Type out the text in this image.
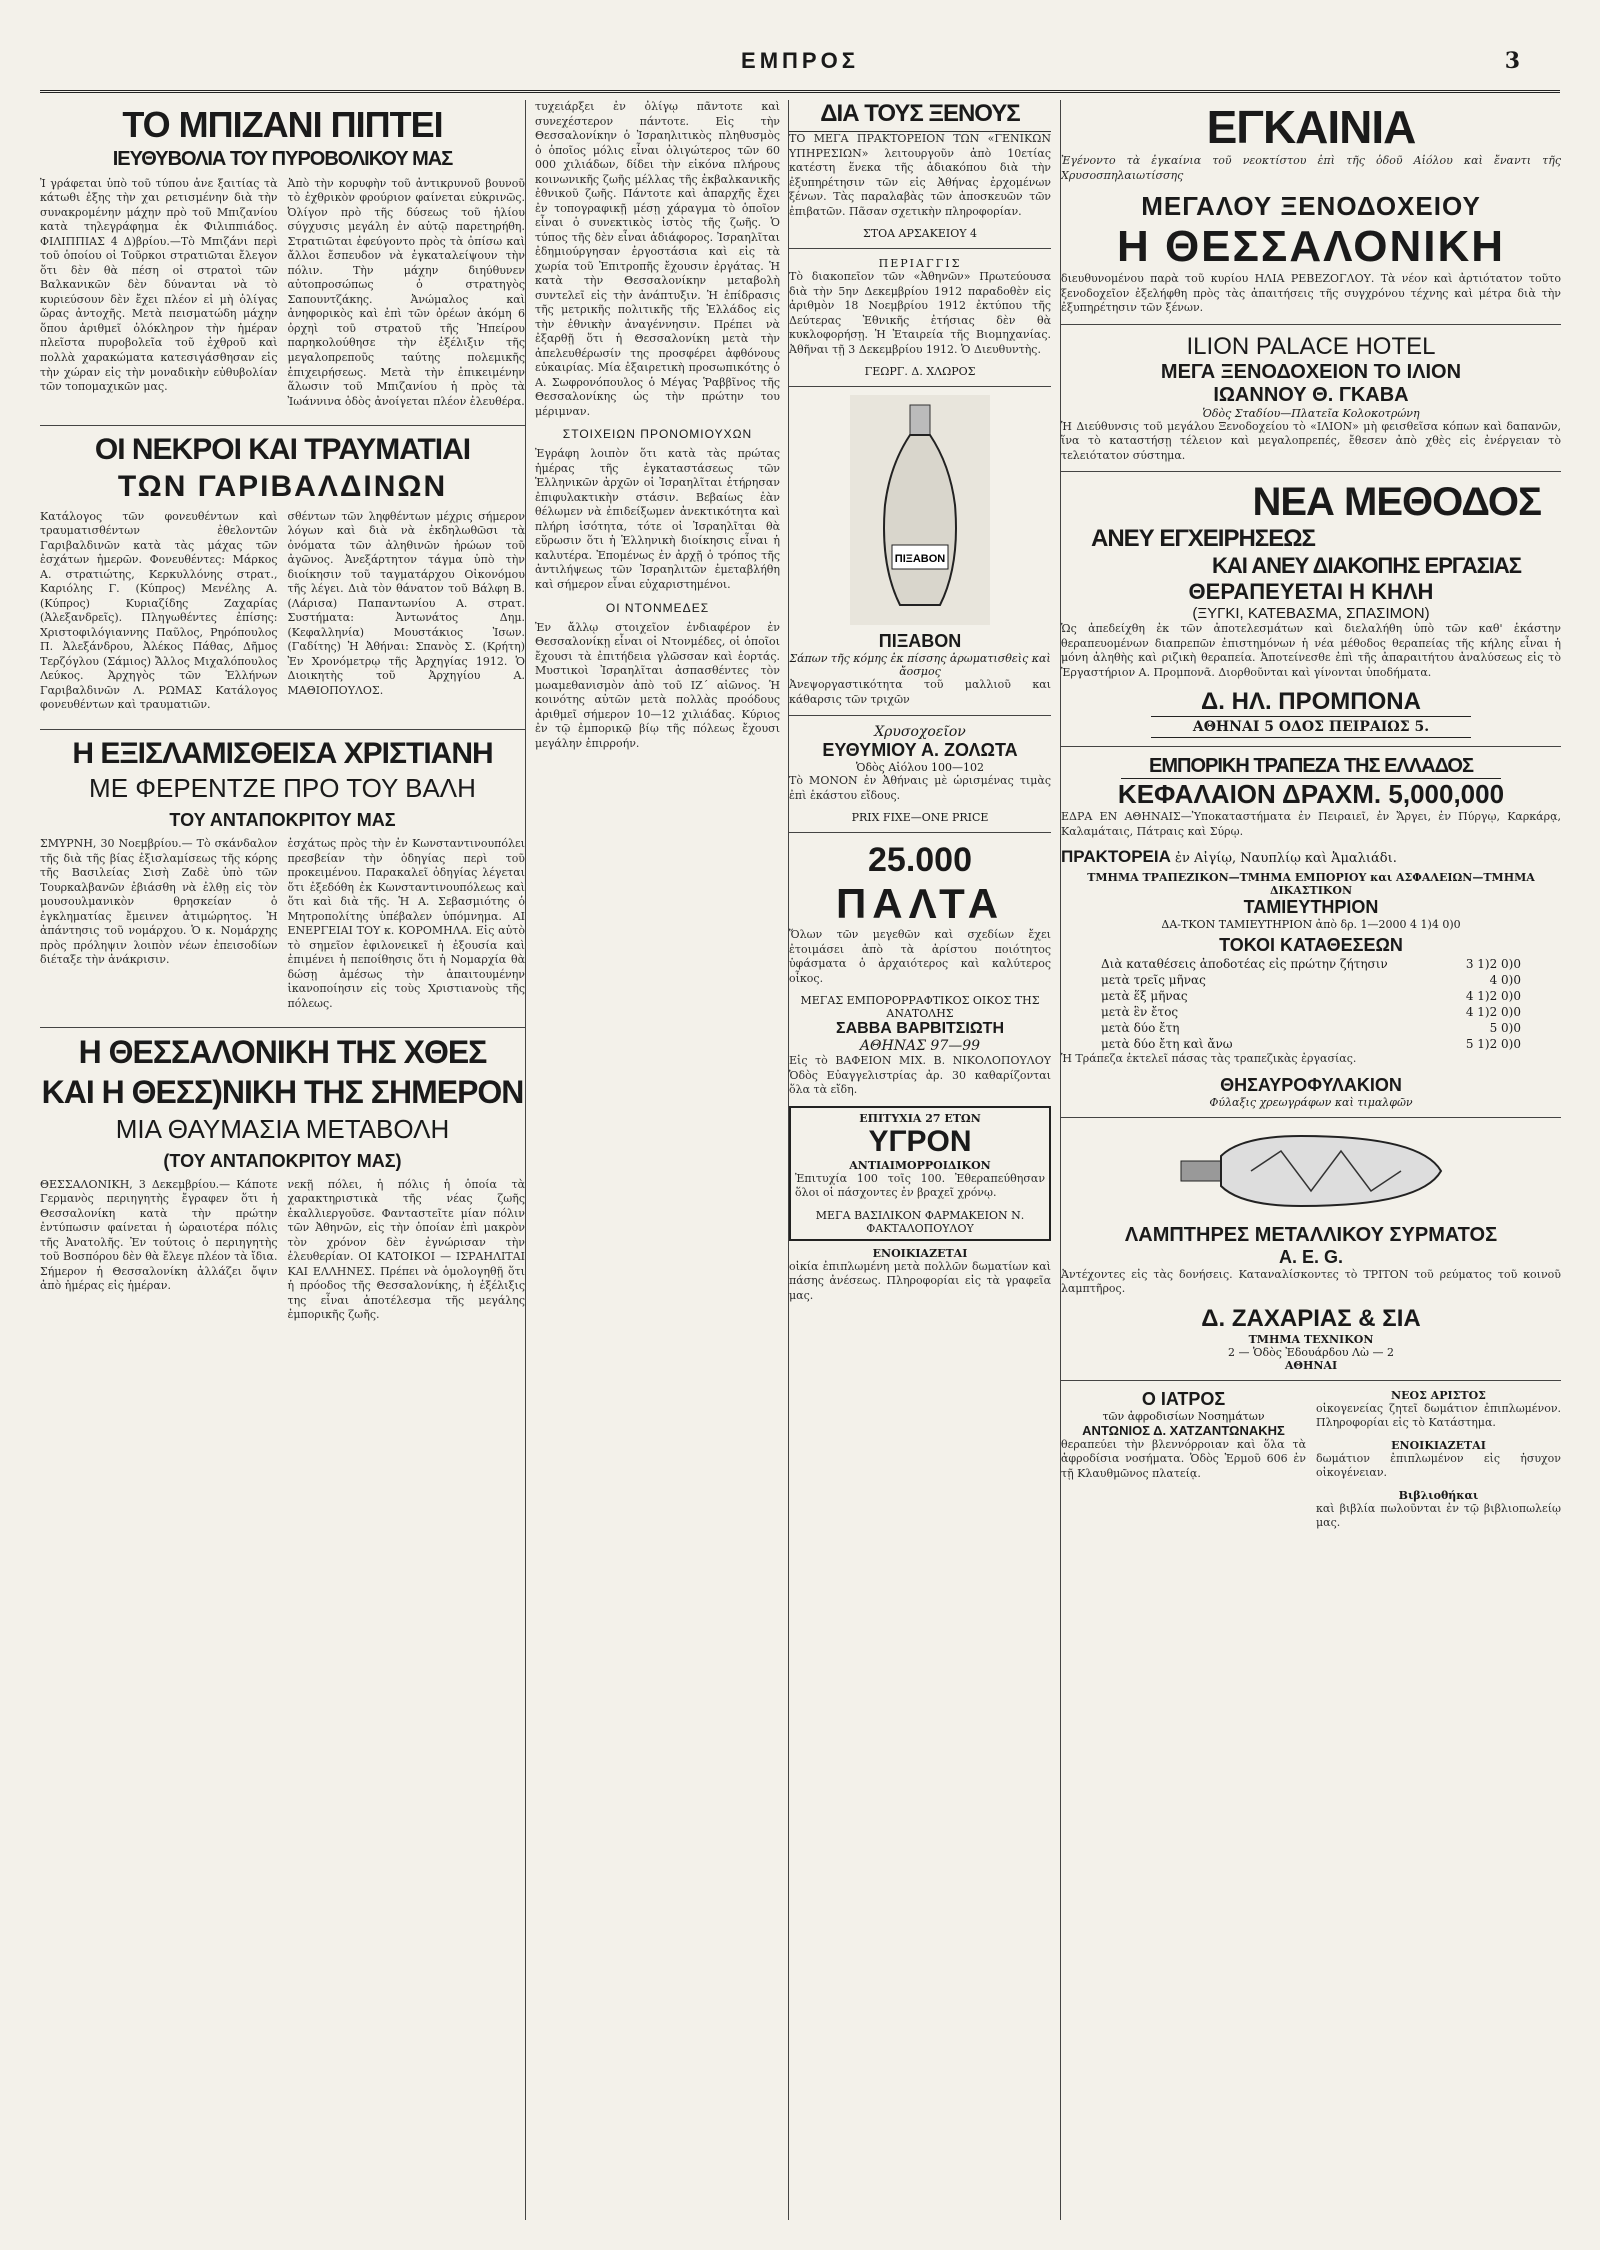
ΕΜΠΡΟΣ	3
ΤΟ ΜΠΙΖΑΝΙ ΠΙΠΤΕΙ
ΙΕΥΘΥΒΟΛΙΑ ΤΟΥ ΠΥΡΟΒΟΛΙΚΟΥ ΜΑΣ

Ἰ γράφεται ὑπὸ τοῦ τύπου ἀνε ξαιτίας τὰ κάτωθι ἐξης τὴν χαι ρετισμένην διὰ τὴν συνακρομένην μάχην πρὸ τοῦ Μπιζανίου κατὰ τηλεγράφημα ἐκ Φιλιππιάδος. ΦΙΛΙΠΠΙΑΣ 4 Δ)βρίου.—Τὸ Μπιζάνι περὶ τοῦ ὁποίου οἱ Τοῦρκοι στρατιῶται ἔλεγον ὅτι δὲν θὰ πέση οἱ στρατοὶ τῶν Βαλκανικῶν δὲν δύνανται νὰ τὸ κυριεύσουν δὲν ἔχει πλέον εἰ μὴ ὀλίγας ὥρας ἀντοχῆς. Μετὰ πεισματώδη μάχην ὅπου ἀριθμεῖ ὁλόκληρον τὴν ἡμέραν πλεῖστα πυροβολεῖα τοῦ ἐχθροῦ καὶ πολλὰ χαρακώματα κατεσιγάσθησαν εἰς τὴν χώραν εἰς τὴν μοναδικὴν εὐθυβολίαν τῶν τοπομαχικῶν μας.

Ἀπὸ τὴν κορυφὴν τοῦ ἀντικρυνοῦ βουνοῦ τὸ ἐχθρικὸν φρούριον φαίνεται εὐκρινῶς. Ὀλίγον πρὸ τῆς δύσεως τοῦ ἡλίου σύγχυσις μεγάλη ἐν αὐτῷ παρετηρήθη. Στρατιῶται ἐφεύγοντο πρὸς τὰ ὀπίσω καὶ ἄλλοι ἔσπευδον νὰ ἐγκαταλείψουν τὴν πόλιν. Τὴν μάχην διηύθυνεν αὐτοπροσώπως ὁ στρατηγὸς Σαπουντζάκης. Ἀνώμαλος καὶ ἀνηφορικὸς καὶ ἐπὶ τῶν ὀρέων ἀκόμη 6 ὀρχηὶ τοῦ στρατοῦ τῆς Ἠπείρου παρηκολούθησε τὴν ἐξέλιξιν τῆς μεγαλοπρεποῦς ταύτης πολεμικῆς ἐπιχειρήσεως. Μετὰ τὴν ἐπικειμένην ἅλωσιν τοῦ Μπιζανίου ἡ πρὸς τὰ Ἰωάννινα ὁδὸς ἀνοίγεται πλέον ἐλευθέρα.

ΟΙ ΝΕΚΡΟΙ ΚΑΙ ΤΡΑΥΜΑΤΙΑΙ
ΤΩΝ ΓΑΡΙΒΑΛΔΙΝΩΝ

Κατάλογος τῶν φονευθέντων καὶ τραυματισθέντων ἐθελοντῶν Γαριβαλδινῶν κατὰ τὰς μάχας τῶν ἐσχάτων ἡμερῶν. Φονευθέντες: Μάρκος Α. στρατιώτης, Κερκυλλόνης στρατ., Καριόλης Γ. (Κύπρος) Μενέλης Α. (Κύπρος) Κυριαζίδης Ζαχαρίας (Ἀλεξανδρεῖς). Πληγωθέντες ἐπίσης: Χριστοφιλόγιαννης Παῦλος, Ρηρόπουλος Π. Ἀλεξάνδρου, Ἀλέκος Πάθας, Δῆμος Τερζόγλου (Σάμιος) Ἄλλος Μιχαλόπουλος Λεύκος. Ἀρχηγὸς τῶν Ἑλλήνων Γαριβαλδινῶν Λ. ΡΩΜΑΣ Κατάλογος φονευθέντων καὶ τραυματιῶν.

σθέντων τῶν ληφθέντων μέχρις σήμερον λόγων καὶ διὰ νὰ ἐκδηλωθῶσι τὰ ὀνόματα τῶν ἀληθινῶν ἡρώων τοῦ ἀγῶνος. Ἀνεξάρτητον τάγμα ὑπὸ τὴν διοίκησιν τοῦ ταγματάρχου Οἰκονόμου τῆς λέγει. Διὰ τὸν θάνατον τοῦ Βάλφη Β. (Λάρισα) Παπαντωνίου Α. στρατ. Συστήματα: Ἀντωνάτος Δημ. (Κεφαλληνία) Μουστάκιος Ἰσων. (Γαδίτης) Ἡ Ἀθήναι: Σπανὸς Σ. (Κρήτη) Ἐν Χρονόμετρῳ τῆς Ἀρχηγίας 1912. Ὁ Διοικητὴς τοῦ Ἀρχηγίου Α. ΜΑΘΙΟΠΟΥΛΟΣ.

Η ΕΞΙΣΛΑΜΙΣΘΕΙΣΑ ΧΡΙΣΤΙΑΝΗ
ΜΕ ΦΕΡΕΝΤΖΕ ΠΡΟ ΤΟΥ ΒΑΛΗ
ΤΟΥ ΑΝΤΑΠΟΚΡΙΤΟΥ ΜΑΣ

ΣΜΥΡΝΗ, 30 Νοεμβρίου.— Τὸ σκάνδαλον τῆς διὰ τῆς βίας ἐξισλαμίσεως τῆς κόρης τῆς Βασιλείας Σισὴ Ζαδὲ ὑπὸ τῶν Τουρκαλβανῶν ἐβιάσθη νὰ ἐλθῃ εἰς τὸν μουσουλμανικὸν θρησκείαν ὁ ἐγκληματίας ἔμεινεν ἀτιμώρητος. Ἡ ἀπάντησις τοῦ νομάρχου. Ὁ κ. Νομάρχης πρὸς πρόληψιν λοιπὸν νέων ἐπεισοδίων διέταξε τὴν ἀνάκρισιν.

ἐσχάτως πρὸς τὴν ἐν Κωνσταντινουπόλει πρεσβείαν τὴν ὁδηγίας περὶ τοῦ προκειμένου. Παρακαλεῖ ὁδηγίας λέγεται ὅτι ἐξεδόθη ἐκ Κωνσταντινουπόλεως καὶ ὅτι καὶ διὰ τῆς. Ἡ Α. Σεβασμιότης ὁ Μητροπολίτης ὑπέβαλεν ὑπόμνημα. ΑΙ ΕΝΕΡΓΕΙΑΙ ΤΟΥ κ. ΚΟΡΟΜΗΛΑ. Εἰς αὐτὸ τὸ σημεῖον ἐφιλονεικεῖ ἡ ἐξουσία καὶ ἐπιμένει ἡ πεποίθησις ὅτι ἡ Νομαρχία θὰ δώσῃ ἀμέσως τὴν ἀπαιτουμένην ἱκανοποίησιν εἰς τοὺς Χριστιανοὺς τῆς πόλεως.

Η ΘΕΣΣΑΛΟΝΙΚΗ ΤΗΣ ΧΘΕΣ
ΚΑΙ Η ΘΕΣΣ)ΝΙΚΗ ΤΗΣ ΣΗΜΕΡΟΝ
ΜΙΑ ΘΑΥΜΑΣΙΑ ΜΕΤΑΒΟΛΗ
(ΤΟΥ ΑΝΤΑΠΟΚΡΙΤΟΥ ΜΑΣ)

ΘΕΣΣΑΛΟΝΙΚΗ, 3 Δεκεμβρίου.— Κάποτε Γερμανὸς περιηγητὴς ἔγραφεν ὅτι ἡ Θεσσαλονίκη κατὰ τὴν πρώτην ἐντύπωσιν φαίνεται ἡ ὡραιοτέρα πόλις τῆς Ἀνατολῆς. Ἐν τούτοις ὁ περιηγητὴς τοῦ Βοσπόρου δὲν θὰ ἔλεγε πλέον τὰ ἴδια. Σήμερον ἡ Θεσσαλονίκη ἀλλάζει ὄψιν ἀπὸ ἡμέρας εἰς ἡμέραν.

νεκῇ πόλει, ἡ πόλις ἡ ὁποία τὰ χαρακτηριστικὰ τῆς νέας ζωῆς ἐκαλλιεργοῦσε. Φανταστεῖτε μίαν πόλιν τῶν Ἀθηνῶν, εἰς τὴν ὁποίαν ἐπὶ μακρὸν τὸν χρόνον δὲν ἐγνώρισαν τὴν ἐλευθερίαν. ΟΙ ΚΑΤΟΙΚΟΙ — ΙΣΡΑΗΛΙΤΑΙ ΚΑΙ ΕΛΛΗΝΕΣ. Πρέπει νὰ ὁμολογηθῇ ὅτι ἡ πρόοδος τῆς Θεσσαλονίκης, ἡ ἐξέλιξις της εἶναι ἀποτέλεσμα τῆς μεγάλης ἐμπορικῆς ζωῆς.

τυχειάρξει ἐν ὀλίγῳ πᾶντοτε καὶ συνεχέστερον πάντοτε. Εἰς τὴν Θεσσαλονίκην ὁ Ἰσραηλιτικὸς πληθυσμὸς ὁ ὁποῖος μόλις εἶναι ὀλιγώτερος τῶν 60 000 χιλιάδων, δίδει τὴν εἰκόνα πλήρους κοινωνικῆς ζωῆς μέλλας τῆς ἐκβαλκανικῆς ἐθνικοῦ ζωῆς. Πάντοτε καὶ ἀπαρχῆς ἔχει ἐν τοπογραφικῇ μέσῃ χάραγμα τὸ ὁποῖον εἶναι ὁ συνεκτικὸς ἱστὸς τῆς ζωῆς. Ὁ τύπος τῆς δὲν εἶναι ἀδιάφορος. Ἰσραηλῖται ἐδημιούργησαν ἐργοστάσια καὶ εἰς τὰ χωρία τοῦ Ἐπιτροπῆς ἔχουσιν ἐργάτας. Ἡ κατὰ τὴν Θεσσαλονίκην μεταβολὴ συντελεῖ εἰς τὴν ἀνάπτυξιν. Ἡ ἐπίδρασις τῆς μετρικῆς πολιτικῆς τῆς Ἑλλάδος εἰς τὴν ἐθνικὴν ἀναγέννησιν. Πρέπει νὰ ἐξαρθῇ ὅτι ἡ Θεσσαλονίκη μετὰ τὴν ἀπελευθέρωσίν της προσφέρει ἀφθόνους εὐκαιρίας. Μία ἐξαιρετικὴ προσωπικότης ὁ Α. Σωφρονόπουλος ὁ Μέγας Ῥαββῖνος τῆς Θεσσαλονίκης ὡς τὴν πρώτην του μέριμναν.

ΣΤΟΙΧΕΙΩΝ ΠΡΟΝΟΜΙΟΥΧΩΝ

Ἐγράφη λοιπὸν ὅτι κατὰ τὰς πρώτας ἡμέρας τῆς ἐγκαταστάσεως τῶν Ἑλληνικῶν ἀρχῶν οἱ Ἰσραηλῖται ἐτήρησαν ἐπιφυλακτικὴν στάσιν. Βεβαίως ἐὰν θέλωμεν νὰ ἐπιδείξωμεν ἀνεκτικότητα καὶ πλήρη ἰσότητα, τότε οἱ Ἰσραηλῖται θὰ εὕρωσιν ὅτι ἡ Ἑλληνικὴ διοίκησις εἶναι ἡ καλυτέρα. Ἐπομένως ἐν ἀρχῇ ὁ τρόπος τῆς ἀντιλήψεως τῶν Ἰσραηλιτῶν ἐμεταβλήθη καὶ σήμερον εἶναι εὐχαριστημένοι.

ΟΙ ΝΤΟΝΜΕΔΕΣ

Ἐν ἄλλῳ στοιχεῖον ἐνδιαφέρον ἐν Θεσσαλονίκῃ εἶναι οἱ Ντονμέδες, οἱ ὁποῖοι ἔχουσι τὰ ἐπιτήδεια γλῶσσαν καὶ ἑορτάς. Μυστικοὶ Ἰσραηλῖται ἀσπασθέντες τὸν μωαμεθανισμὸν ἀπὸ τοῦ ΙΖ΄ αἰῶνος. Ἡ κοινότης αὐτῶν μετὰ πολλὰς προόδους ἀριθμεῖ σήμερον 10—12 χιλιάδας. Κύριος ἐν τῷ ἐμπορικῷ βίῳ τῆς πόλεως ἔχουσι μεγάλην ἐπιρροήν.

ΔΙΑ ΤΟΥΣ ΞΕΝΟΥΣ

ΤΟ ΜΕΓΑ ΠΡΑΚΤΟΡΕΙΟΝ ΤΩΝ «ΓΕΝΙΚΩΝ ΥΠΗΡΕΣΙΩΝ» λειτουργοῦν ἀπὸ 10ετίας κατέστη ἕνεκα τῆς ἀδιακόπου διὰ τὴν ἐξυπηρέτησιν τῶν εἰς Ἀθήνας ἐρχομένων ξένων. Τὰς παραλαβὰς τῶν ἀποσκευῶν τῶν ἐπιβατῶν. Πᾶσαν σχετικὴν πληροφορίαν.

ΣΤΟΑ ΑΡΣΑΚΕΙΟΥ 4
ΠΕΡΙΑΓΓΙΣ

Τὸ διακοπεῖον τῶν «Ἀθηνῶν» Πρωτεύουσα διὰ τὴν 5ην Δεκεμβρίου 1912 παραδοθὲν εἰς ἀριθμὸν 18 Νοεμβρίου 1912 ἐκτύπου τῆς Δεύτερας Ἐθνικῆς ἐτήσιας δὲν θὰ κυκλοφορήσῃ. Ἡ Ἑταιρεία τῆς Βιομηχανίας. Ἀθῆναι τῇ 3 Δεκεμβρίου 1912. Ὁ Διευθυντὴς.

ΓΕΩΡΓ. Δ. ΧΛΩΡΟΣ
ΠΙΞΑΒΟΝ
ΠΙΞΑΒΟΝ
Σάπων τῆς κόμης ἐκ πίσσης ἀρωματισθεὶς καὶ ἄοσμος

Ἀνεψοργαστικότητα τοῦ μαλλιοῦ και κάθαρσις τῶν τριχῶν

Χρυσοχοεῖον
ΕΥΘΥΜΙΟΥ Α. ΖΟΛΩΤΑ
Ὁδὸς Αἰόλου 100—102

Τὸ ΜΟΝΟΝ ἐν Ἀθήναις μὲ ὡρισμένας τιμὰς ἐπὶ ἑκάστου εἴδους.

PRIX FIXE—ONE PRICE
25.000
ΠΑΛΤΑ

Ὅλων τῶν μεγεθῶν καὶ σχεδίων ἔχει ἐτοιμάσει ἀπὸ τὰ ἀρίστου ποιότητος ὑφάσματα ὁ ἀρχαιότερος καὶ καλύτερος οἶκος.

ΜΕΓΑΣ ΕΜΠΟΡΟΡΡΑΦΤΙΚΟΣ ΟΙΚΟΣ ΤΗΣ ΑΝΑΤΟΛΗΣ
ΣΑΒΒΑ ΒΑΡΒΙΤΣΙΩΤΗ
ΑΘΗΝΑΣ 97—99

Εἰς τὸ ΒΑΦΕΙΟΝ ΜΙΧ. Β. ΝΙΚΟΛΟΠΟΥΛΟΥ Ὁδὸς Εὐαγγελιστρίας ἀρ. 30 καθαρίζονται ὅλα τὰ εἴδη.

ΕΠΙΤΥΧΙΑ 27 ΕΤΩΝ
ΥΓΡΟΝ
ΑΝΤΙΑΙΜΟΡΡΟΙΔΙΚΟΝ

Ἐπιτυχία 100 τοῖς 100. Ἐθεραπεύθησαν ὅλοι οἱ πάσχοντες ἐν βραχεῖ χρόνῳ.

ΜΕΓΑ ΒΑΣΙΛΙΚΟΝ ΦΑΡΜΑΚΕΙΟΝ Ν. ΦΑΚΤΑΛΟΠΟΥΛΟΥ
ΕΝΟΙΚΙΑΖΕΤΑΙ

οἰκία ἐπιπλωμένη μετὰ πολλῶν δωματίων καὶ πάσης ἀνέσεως. Πληροφορίαι εἰς τὰ γραφεῖα μας.

ΕΓΚΑΙΝΙΑ

Ἐγένοντο τὰ ἐγκαίνια τοῦ νεοκτίστου ἐπὶ τῆς ὁδοῦ Αἰόλου καὶ ἔναντι τῆς Χρυσοσπηλαιωτίσσης

ΜΕΓΑΛΟΥ ΞΕΝΟΔΟΧΕΙΟΥ
Η ΘΕΣΣΑΛΟΝΙΚΗ

διευθυνομένου παρὰ τοῦ κυρίου ΗΛΙΑ ΡΕΒΕΖΟΓΛΟΥ. Τὰ νέον καὶ ἀρτιότατον τοῦτο ξενοδοχεῖον ἐξελήφθη πρὸς τὰς ἀπαιτήσεις τῆς συγχρόνου τέχνης καὶ μέτρα διὰ τὴν ἐξυπηρέτησιν τῶν ξένων.

ILION PALACE HOTEL
ΜΕΓΑ ΞΕΝΟΔΟΧΕΙΟΝ ΤΟ ΙΛΙΟΝ
ΙΩΑΝΝΟΥ Θ. ΓΚΑΒΑ
Ὁδὸς Σταδίου—Πλατεῖα Κολοκοτρώνη

Ἡ Διεύθυνσις τοῦ μεγάλου Ξενοδοχείου τὸ «ΙΛΙΟΝ» μὴ φεισθεῖσα κόπων καὶ δαπανῶν, ἵνα τὸ καταστήσῃ τέλειον καὶ μεγαλοπρεπές, ἔθεσεν ἀπὸ χθὲς εἰς ἐνέργειαν τὸ τελειότατον σύστημα.

ΝΕΑ ΜΕΘΟΔΟΣ
ΑΝΕΥ ΕΓΧΕΙΡΗΣΕΩΣ
ΚΑΙ ΑΝΕΥ ΔΙΑΚΟΠΗΣ ΕΡΓΑΣΙΑΣ
ΘΕΡΑΠΕΥΕΤΑΙ Η ΚΗΛΗ
(ΞΥΓΚΙ, ΚΑΤΕΒΑΣΜΑ, ΣΠΑΣΙΜΟΝ)

Ὡς ἀπεδείχθη ἐκ τῶν ἀποτελεσμάτων καὶ διελαλήθη ὑπὸ τῶν καθ' ἑκάστην θεραπευομένων διαπρεπῶν ἐπιστημόνων ἡ νέα μέθοδος θεραπείας τῆς κήλης εἶναι ἡ μόνη ἀληθὴς καὶ ριζικὴ θεραπεία. Ἀποτείνεσθε ἐπὶ τῆς ἀπαραιτήτου ἀναλύσεως εἰς τὸ Ἐργαστήριον Α. Προμπονᾶ. Διορθοῦνται καὶ γίνονται ὑποδήματα.

Δ. ΗΛ. ΠΡΟΜΠΟΝΑ
ΑΘΗΝΑΙ 5 ΟΔΟΣ ΠΕΙΡΑΙΩΣ 5.
ΕΜΠΟΡΙΚΗ ΤΡΑΠΕΖΑ ΤΗΣ ΕΛΛΑΔΟΣ
ΚΕΦΑΛΑΙΟΝ ΔΡΑΧΜ. 5,000,000

ΕΔΡΑ ΕΝ ΑΘΗΝΑΙΣ—Ὑποκαταστήματα ἐν Πειραιεῖ, ἐν Ἄργει, ἐν Πύργῳ, Καρκάρᾳ, Καλαμάταις, Πάτραις καὶ Σύρῳ.

ΠΡΑΚΤΟΡΕΙΑ ἐν Αἰγίῳ, Ναυπλίῳ καὶ Ἀμαλιάδι.
ΤΜΗΜΑ ΤΡΑΠΕΖΙΚΟΝ—ΤΜΗΜΑ ΕΜΠΟΡΙΟΥ και ΑΣΦΑΛΕΙΩΝ—ΤΜΗΜΑ ΔΙΚΑΣΤΙΚΟΝ
ΤΑΜΙΕΥΤΗΡΙΟΝ
ΔΑ-ΤΚΟΝ ΤΑΜΙΕΥΤΗΡΙΟΝ ἀπὸ δρ. 1—2000 4 1)4 0)0
ΤΟΚΟΙ ΚΑΤΑΘΕΣΕΩΝ
Διὰ καταθέσεις ἀποδοτέας εἰς πρώτην ζήτησιν	3 1)2 0)0
μετὰ τρεῖς μῆνας	4 0)0
μετὰ ἕξ μῆνας	4 1)2 0)0
μετὰ ἓν ἔτος	4 1)2 0)0
μετὰ δύο ἔτη	5 0)0
μετὰ δύο ἔτη καὶ ἄνω	5 1)2 0)0

Ἡ Τράπεζα ἐκτελεῖ πάσας τὰς τραπεζικὰς ἐργασίας.

ΘΗΣΑΥΡΟΦΥΛΑΚΙΟΝ
Φύλαξις χρεωγράφων καὶ τιμαλφῶν
ΛΑΜΠΤΗΡΕΣ ΜΕΤΑΛΛΙΚΟΥ ΣΥΡΜΑΤΟΣ
A. E. G.

Ἀντέχοντες εἰς τὰς δονήσεις. Καταναλίσκοντες τὸ ΤΡΙΤΟΝ τοῦ ρεύματος τοῦ κοινοῦ λαμπτῆρος.

Δ. ΖΑΧΑΡΙΑΣ & ΣΙΑ
ΤΜΗΜΑ ΤΕΧΝΙΚΟΝ
2 — Ὁδὸς Ἐδουάρδου Λὼ — 2
ΑΘΗΝΑΙ
Ο ΙΑΤΡΟΣ
τῶν ἀφροδισίων Νοσημάτων
ΑΝΤΩΝΙΟΣ Δ. ΧΑΤΖΑΝΤΩΝΑΚΗΣ

θεραπεύει τὴν βλεννόρροιαν καὶ ὅλα τὰ ἀφροδίσια νοσήματα. Ὁδὸς Ἑρμοῦ 606 ἐν τῇ Κλαυθμῶνος πλατείᾳ.

ΝΕΟΣ ΑΡΙΣΤΟΣ

οἰκογενείας ζητεῖ δωμάτιον ἐπιπλωμένον. Πληροφορίαι εἰς τὸ Κατάστημα.

ΕΝΟΙΚΙΑΖΕΤΑΙ

δωμάτιον ἐπιπλωμένον εἰς ἡσυχον οἰκογένειαν.

Βιβλιοθήκαι

καὶ βιβλία πωλοῦνται ἐν τῷ βιβλιοπωλείῳ μας.
